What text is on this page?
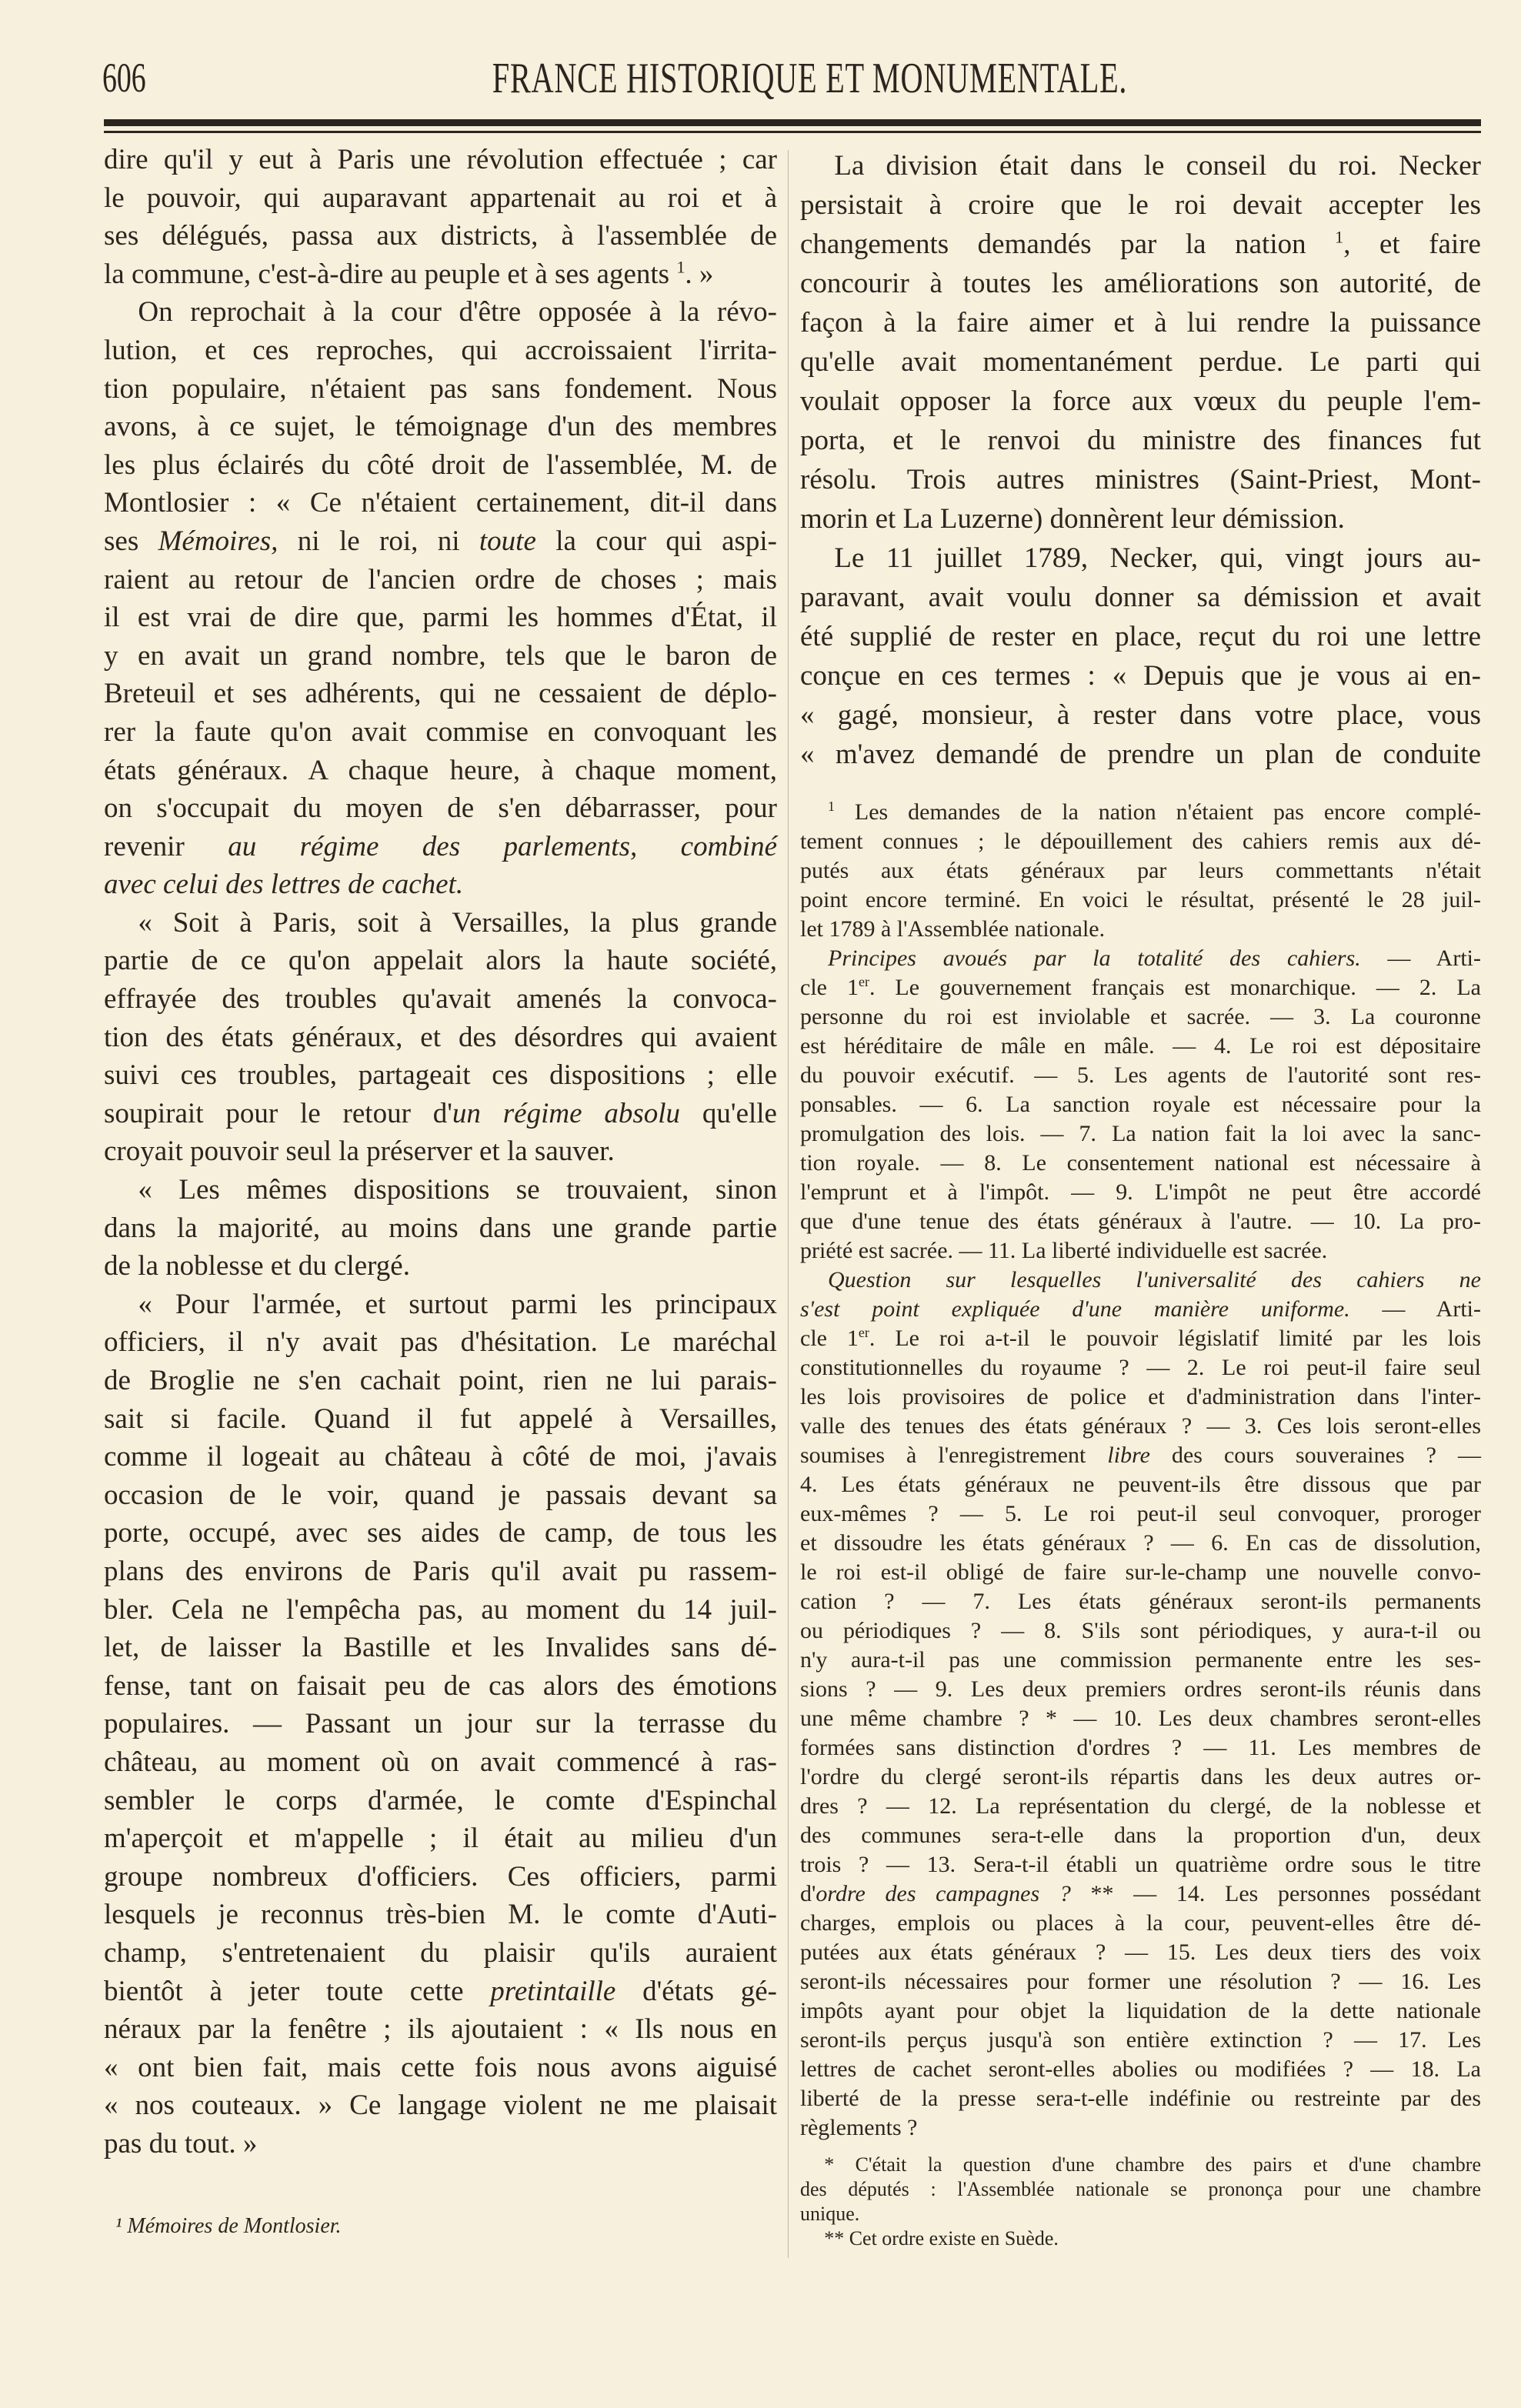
606	FRANCE HISTORIQUE ET MONUMENTALE.
dire qu'il y eut à Paris une révolution effectuée ; car
le pouvoir, qui auparavant appartenait au roi et à
ses délégués, passa aux districts, à l'assemblée de
la commune, c'est-à-dire au peuple et à ses agents $^1$. »
On reprochait à la cour d'être opposée à la révo-
lution, et ces reproches, qui accroissaient l'irrita-
tion populaire, n'étaient pas sans fondement. Nous
avons, à ce sujet, le témoignage d'un des membres
les plus éclairés du côté droit de l'assemblée, M. de
Montlosier : « Ce n'étaient certainement, dit-il dans
ses Mémoires, ni le roi, ni toute la cour qui aspi-
raient au retour de l'ancien ordre de choses ; mais
il est vrai de dire que, parmi les hommes d'État, il
y en avait un grand nombre, tels que le baron de
Breteuil et ses adhérents, qui ne cessaient de déplo-
rer la faute qu'on avait commise en convoquant les
états généraux. A chaque heure, à chaque moment,
on s'occupait du moyen de s'en débarrasser, pour
revenir au régime des parlements, combiné
avec celui des lettres de cachet.
« Soit à Paris, soit à Versailles, la plus grande
partie de ce qu'on appelait alors la haute société,
effrayée des troubles qu'avait amenés la convoca-
tion des états généraux, et des désordres qui avaient
suivi ces troubles, partageait ces dispositions ; elle
soupirait pour le retour d'un régime absolu qu'elle
croyait pouvoir seul la préserver et la sauver.
« Les mêmes dispositions se trouvaient, sinon
dans la majorité, au moins dans une grande partie
de la noblesse et du clergé.
« Pour l'armée, et surtout parmi les principaux
officiers, il n'y avait pas d'hésitation. Le maréchal
de Broglie ne s'en cachait point, rien ne lui parais-
sait si facile. Quand il fut appelé à Versailles,
comme il logeait au château à côté de moi, j'avais
occasion de le voir, quand je passais devant sa
porte, occupé, avec ses aides de camp, de tous les
plans des environs de Paris qu'il avait pu rassem-
bler. Cela ne l'empêcha pas, au moment du 14 juil-
let, de laisser la Bastille et les Invalides sans dé-
fense, tant on faisait peu de cas alors des émotions
populaires. — Passant un jour sur la terrasse du
château, au moment où on avait commencé à ras-
sembler le corps d'armée, le comte d'Espinchal
m'aperçoit et m'appelle ; il était au milieu d'un
groupe nombreux d'officiers. Ces officiers, parmi
lesquels je reconnus très-bien M. le comte d'Auti-
champ, s'entretenaient du plaisir qu'ils auraient
bientôt à jeter toute cette pretintaille d'états gé-
néraux par la fenêtre ; ils ajoutaient : « Ils nous en
« ont bien fait, mais cette fois nous avons aiguisé
« nos couteaux. » Ce langage violent ne me plaisait
pas du tout. »
¹ Mémoires de Montlosier.
La division était dans le conseil du roi. Necker
persistait à croire que le roi devait accepter les
changements demandés par la nation $^1$, et faire
concourir à toutes les améliorations son autorité, de
façon à la faire aimer et à lui rendre la puissance
qu'elle avait momentanément perdue. Le parti qui
voulait opposer la force aux vœux du peuple l'em-
porta, et le renvoi du ministre des finances fut
résolu. Trois autres ministres (Saint-Priest, Mont-
morin et La Luzerne) donnèrent leur démission.
Le 11 juillet 1789, Necker, qui, vingt jours au-
paravant, avait voulu donner sa démission et avait
été supplié de rester en place, reçut du roi une lettre
conçue en ces termes : « Depuis que je vous ai en-
« gagé, monsieur, à rester dans votre place, vous
« m'avez demandé de prendre un plan de conduite
$^1$ Les demandes de la nation n'étaient pas encore complé-
tement connues ; le dépouillement des cahiers remis aux dé-
putés aux états généraux par leurs commettants n'était
point encore terminé. En voici le résultat, présenté le 28 juil-
let 1789 à l'Assemblée nationale.
Principes avoués par la totalité des cahiers. — Arti-
cle 1er. Le gouvernement français est monarchique. — 2. La
personne du roi est inviolable et sacrée. — 3. La couronne
est héréditaire de mâle en mâle. — 4. Le roi est dépositaire
du pouvoir exécutif. — 5. Les agents de l'autorité sont res-
ponsables. — 6. La sanction royale est nécessaire pour la
promulgation des lois. — 7. La nation fait la loi avec la sanc-
tion royale. — 8. Le consentement national est nécessaire à
l'emprunt et à l'impôt. — 9. L'impôt ne peut être accordé
que d'une tenue des états généraux à l'autre. — 10. La pro-
priété est sacrée. — 11. La liberté individuelle est sacrée.
Question sur lesquelles l'universalité des cahiers ne
s'est point expliquée d'une manière uniforme. — Arti-
cle 1er. Le roi a-t-il le pouvoir législatif limité par les lois
constitutionnelles du royaume ? — 2. Le roi peut-il faire seul
les lois provisoires de police et d'administration dans l'inter-
valle des tenues des états généraux ? — 3. Ces lois seront-elles
soumises à l'enregistrement libre des cours souveraines ? —
4. Les états généraux ne peuvent-ils être dissous que par
eux-mêmes ? — 5. Le roi peut-il seul convoquer, proroger
et dissoudre les états généraux ? — 6. En cas de dissolution,
le roi est-il obligé de faire sur-le-champ une nouvelle convo-
cation ? — 7. Les états généraux seront-ils permanents
ou périodiques ? — 8. S'ils sont périodiques, y aura-t-il ou
n'y aura-t-il pas une commission permanente entre les ses-
sions ? — 9. Les deux premiers ordres seront-ils réunis dans
une même chambre ? * — 10. Les deux chambres seront-elles
formées sans distinction d'ordres ? — 11. Les membres de
l'ordre du clergé seront-ils répartis dans les deux autres or-
dres ? — 12. La représentation du clergé, de la noblesse et
des communes sera-t-elle dans la proportion d'un, deux
trois ? — 13. Sera-t-il établi un quatrième ordre sous le titre
d'ordre des campagnes ? ** — 14. Les personnes possédant
charges, emplois ou places à la cour, peuvent-elles être dé-
putées aux états généraux ? — 15. Les deux tiers des voix
seront-ils nécessaires pour former une résolution ? — 16. Les
impôts ayant pour objet la liquidation de la dette nationale
seront-ils perçus jusqu'à son entière extinction ? — 17. Les
lettres de cachet seront-elles abolies ou modifiées ? — 18. La
liberté de la presse sera-t-elle indéfinie ou restreinte par des
règlements ?
* C'était la question d'une chambre des pairs et d'une chambre
des députés : l'Assemblée nationale se prononça pour une chambre
unique.
** Cet ordre existe en Suède.
